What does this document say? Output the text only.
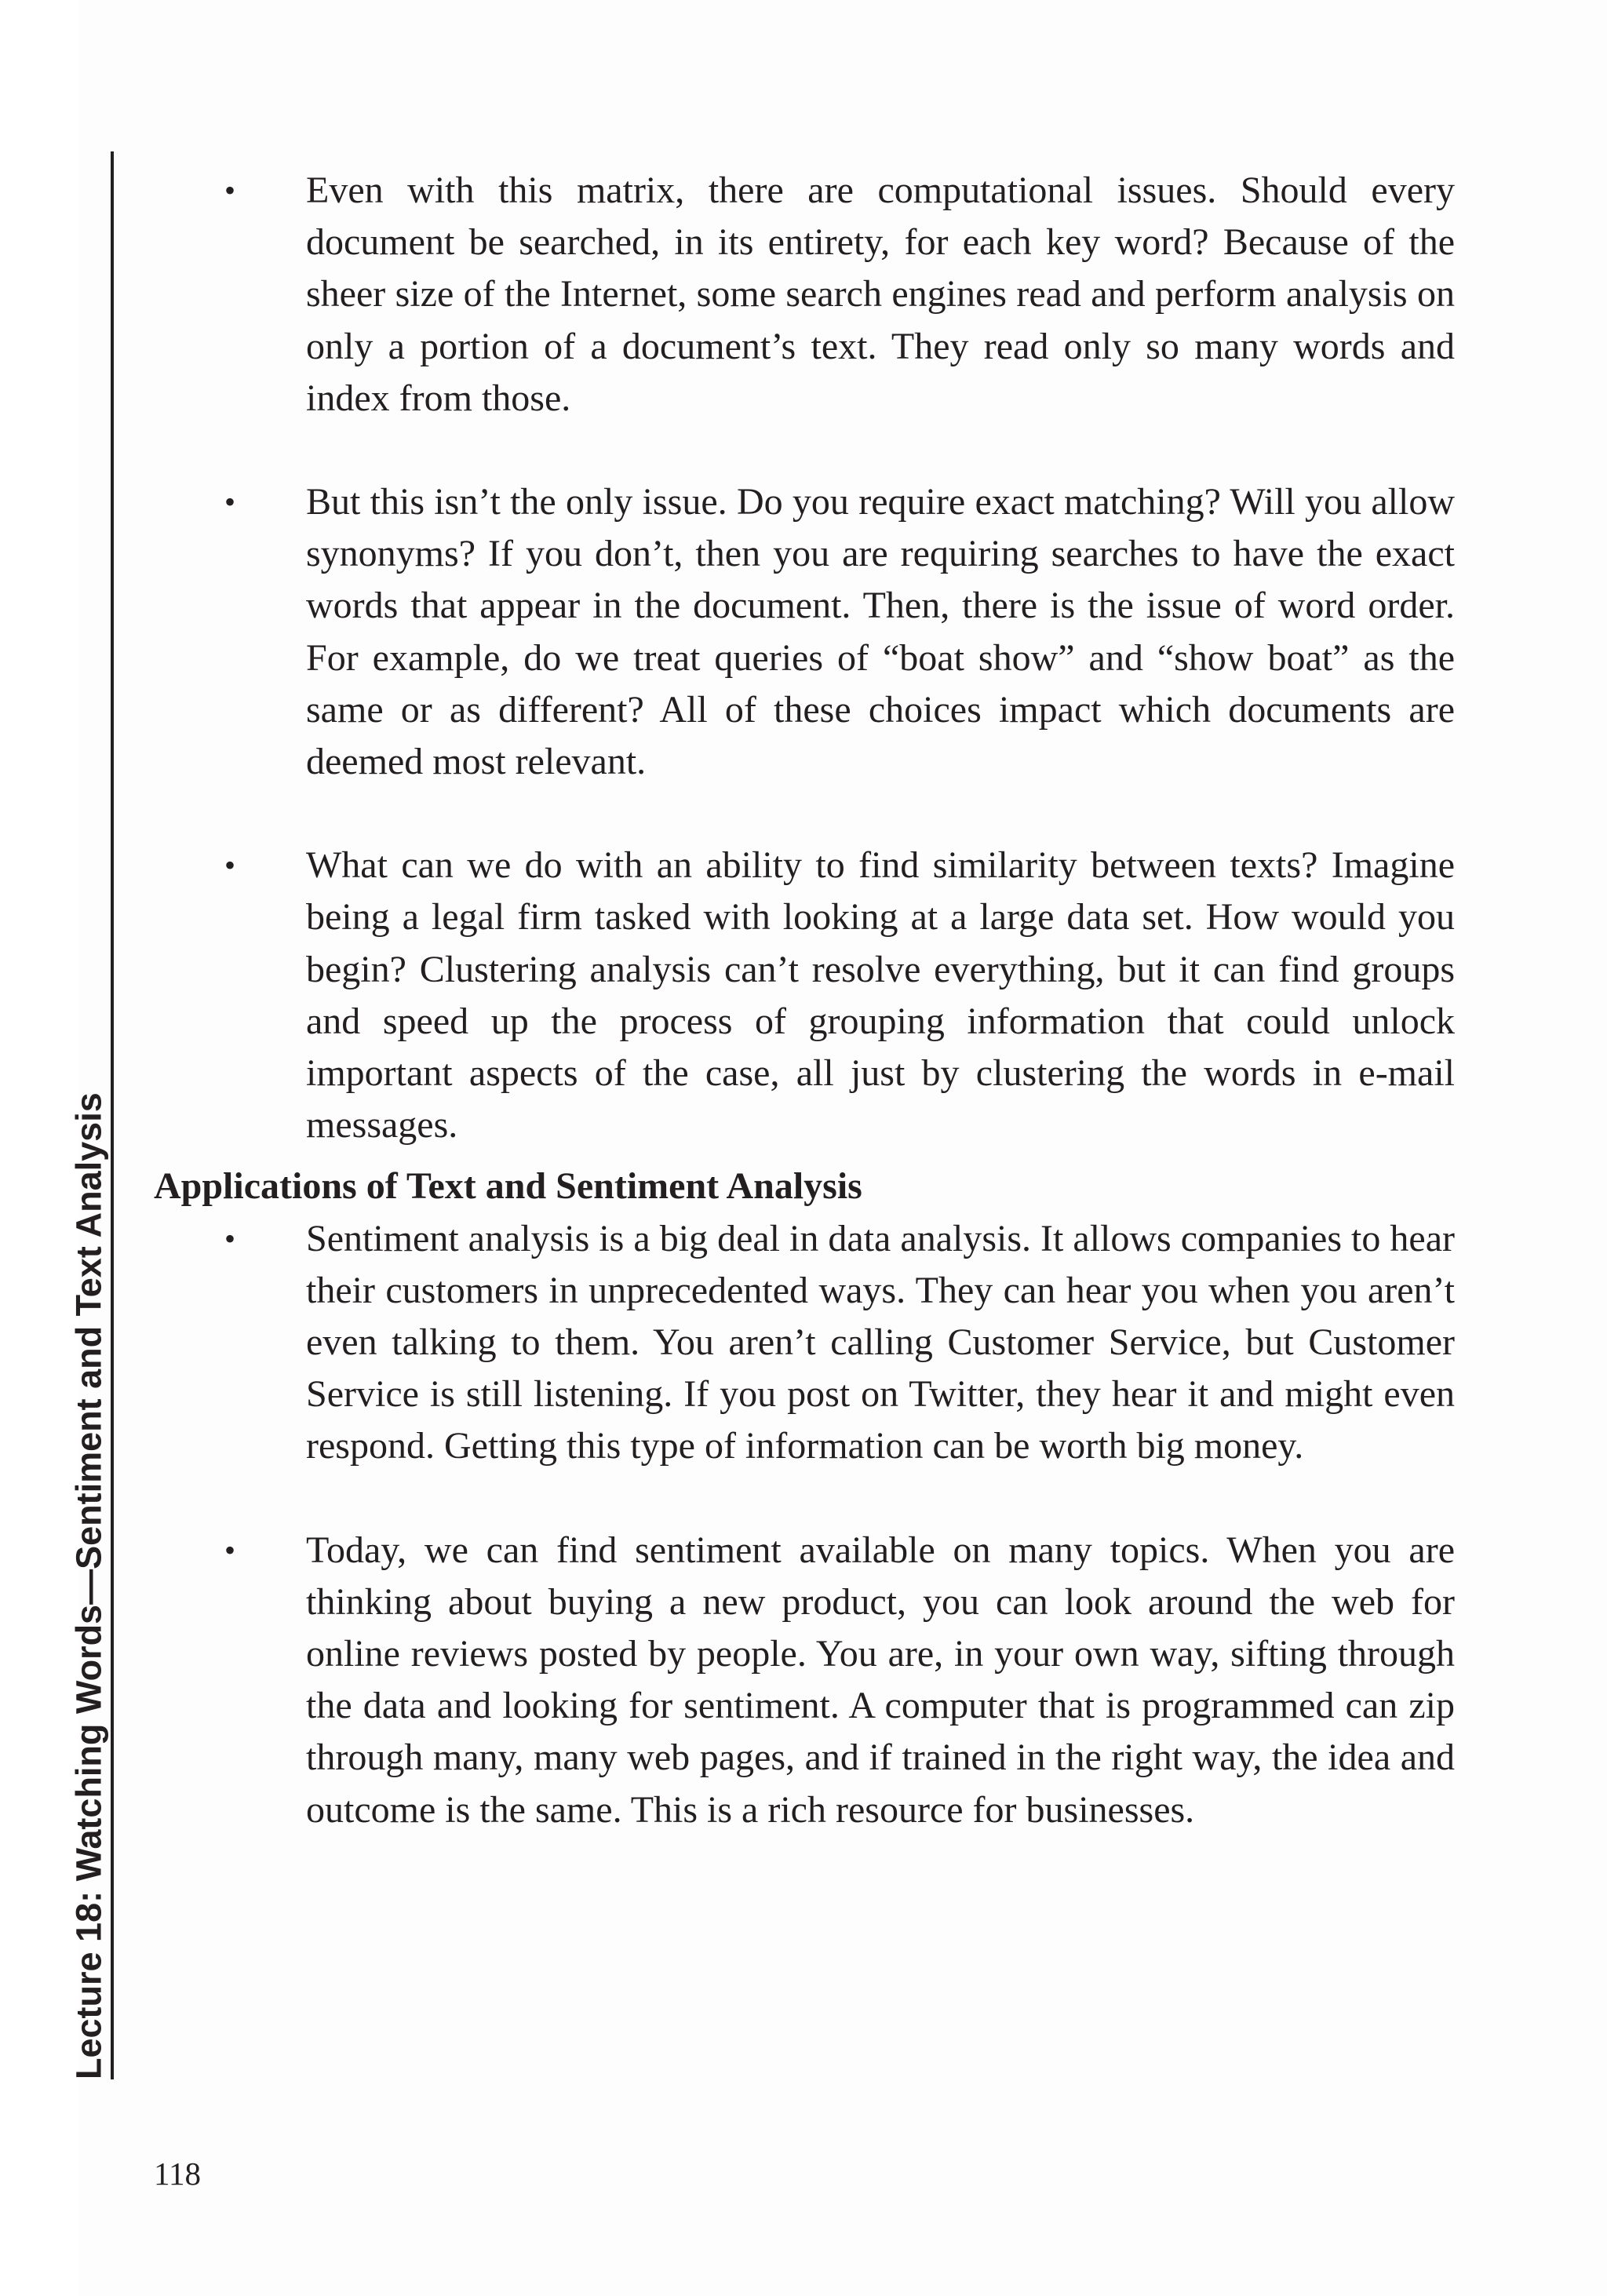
Lecture 18: Watching Words—Sentiment and Text Analysis

• Even with this matrix, there are computational issues. Should every document be searched, in its entirety, for each key word? Because of the sheer size of the Internet, some search engines read and perform analysis on only a portion of a document’s text. They read only so many words and index from those.

• But this isn’t the only issue. Do you require exact matching? Will you allow synonyms? If you don’t, then you are requiring searches to have the exact words that appear in the document. Then, there is the issue of word order. For example, do we treat queries of “boat show” and “show boat” as the same or as different? All of these choices impact which documents are deemed most relevant.

• What can we do with an ability to find similarity between texts? Imagine being a legal firm tasked with looking at a large data set. How would you begin? Clustering analysis can’t resolve everything, but it can find groups and speed up the process of grouping information that could unlock important aspects of the case, all just by clustering the words in e-mail messages.

Applications of Text and Sentiment Analysis

• Sentiment analysis is a big deal in data analysis. It allows companies to hear their customers in unprecedented ways. They can hear you when you aren’t even talking to them. You aren’t calling Customer Service, but Customer Service is still listening. If you post on Twitter, they hear it and might even respond. Getting this type of information can be worth big money.

• Today, we can find sentiment available on many topics. When you are thinking about buying a new product, you can look around the web for online reviews posted by people. You are, in your own way, sifting through the data and looking for sentiment. A computer that is programmed can zip through many, many web pages, and if trained in the right way, the idea and outcome is the same. This is a rich resource for businesses.

118
